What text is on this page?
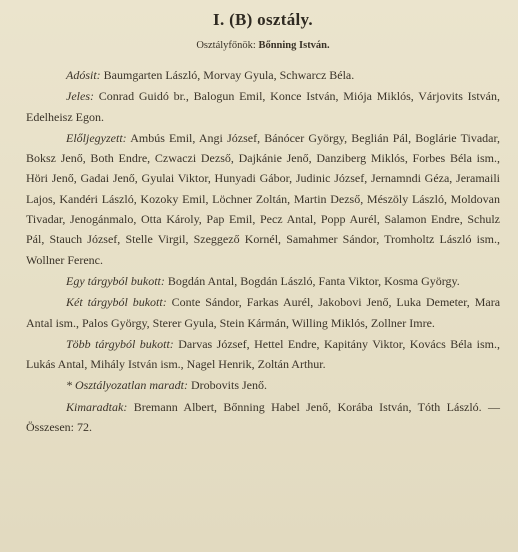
I. (B) osztály.
Osztályfőnök: Bőnning István.

Adósit: Baumgarten László, Morvay Gyula, Schwarcz Béla.

Jeles: Conrad Guidó br., Balogun Emil, Konce István, Miója Miklós, Várjovits István, Edelheisz Egon.

Előljegyzett: Ambús Emil, Angi József, Bánócer György, Beglián Pál, Boglárie Tivadar, Boksz Jenő, Both Endre, Czwaczi Dezső, Dajkánie Jenő, Danziberg Miklós, Forbes Béla ism., Höri Jenő, Gadai Jenő, Gyulai Viktor, Hunyadi Gábor, Judinic József, Jernamndi Géza, Jeramaili Lajos, Kandéri László, Kozoky Emil, Löchner Zoltán, Martin Dezső, Mészöly László, Moldovan Tivadar, Jenogánmalo, Otta Károly, Pap Emil, Pecz Antal, Popp Aurél, Salamon Endre, Schulz Pál, Stauch József, Stelle Virgil, Szeggező Kornél, Samahmer Sándor, Tromholtz László ism., Wollner Ferenc.

Egy tárgyból bukott: Bogdán Antal, Bogdán László, Fanta Viktor, Kosma György.

Két tárgyból bukott: Conte Sándor, Farkas Aurél, Jakobovi Jenő, Luka Demeter, Mara Antal ism., Palos György, Sterer Gyula, Stein Kármán, Willing Miklós, Zollner Imre.

Több tárgyból bukott: Darvas József, Hettel Endre, Kapitány Viktor, Kovács Béla ism., Lukás Antal, Mihály István ism., Nagel Henrik, Zoltán Arthur.

* Osztályozatlan maradt: Drobovits Jenő.

Kimaradtak: Bremann Albert, Bőnning Habel Jenő, Korába István, Tóth László. — Összesen: 72.
